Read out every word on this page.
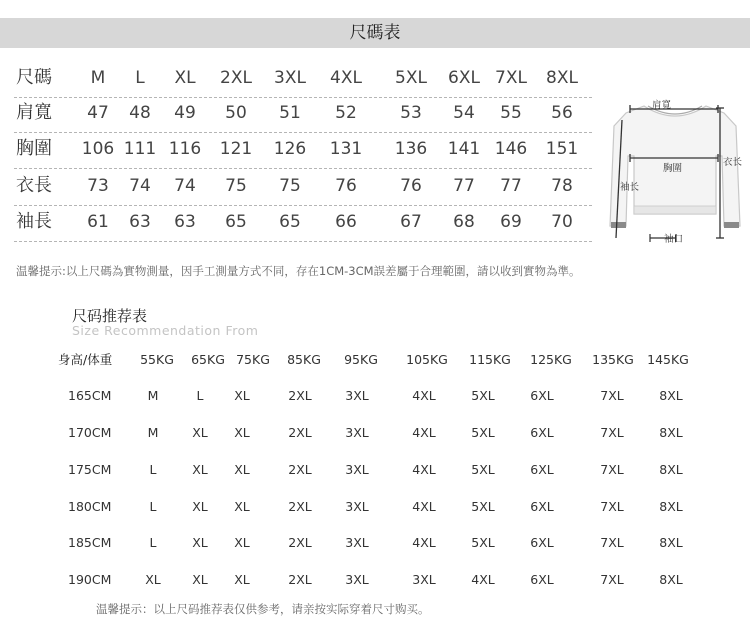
尺碼表
尺碼	M	L	XL	2XL	3XL	4XL	5XL	6XL 7XL	8XL
肩寬	47	48	49	50	51	52	53	54	55	56
胸圍	106 111 116	121	126	131	136	141 146	151
衣長	73	74	74	75	75	76	76	77	77	78
袖長	61	63	63	65	65	66	67	68	69	70
肩寬
胸圍
衣长
袖长
袖口
温馨提示:以上尺碼為實物測量，因手工測量方式不同，存在1CM-3CM誤差屬于合理範圍，請以收到實物為準。
尺码推荐表
Size Recommendation From
身高/体重	55KG	65KG 75KG	85KG	95KG	105KG	115KG	125KG	135KG	145KG
165CM	M	L	XL	2XL	3XL	4XL	5XL	6XL	7XL	8XL
170CM	M	XL	XL	2XL	3XL	4XL	5XL	6XL	7XL	8XL
175CM	L	XL	XL	2XL	3XL	4XL	5XL	6XL	7XL	8XL
180CM	L	XL	XL	2XL	3XL	4XL	5XL	6XL	7XL	8XL
185CM	L	XL	XL	2XL	3XL	4XL	5XL	6XL	7XL	8XL
190CM	XL	XL	XL	2XL	3XL	3XL	4XL	6XL	7XL	8XL
温馨提示：以上尺码推荐表仅供参考，请亲按实际穿着尺寸购买。
